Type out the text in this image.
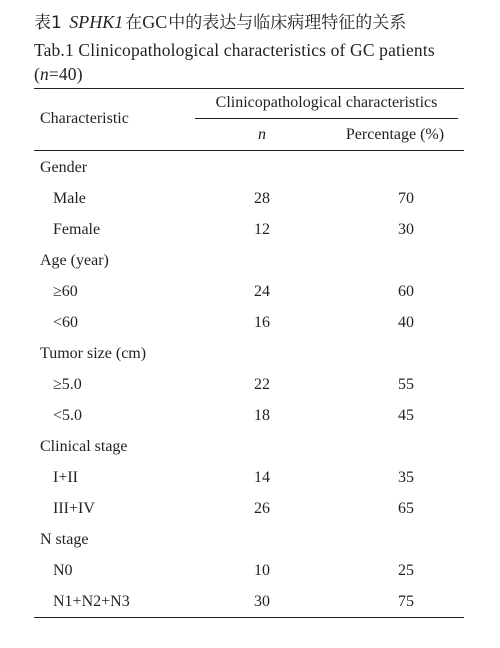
表1 SPHK1 在GC中的表达与临床病理特征的关系
Tab.1 Clinicopathological characteristics of GC patients (n=40)
Characteristic
Clinicopathological characteristics
n	Percentage (%)
Gender
Male	28	70
Female	12	30
Age (year)
≥60	24	60
<60	16	40
Tumor size (cm)
≥5.0	22	55
<5.0	18	45
Clinical stage
I+II	14	35
III+IV	26	65
N stage
N0	10	25
N1+N2+N3	30	75
